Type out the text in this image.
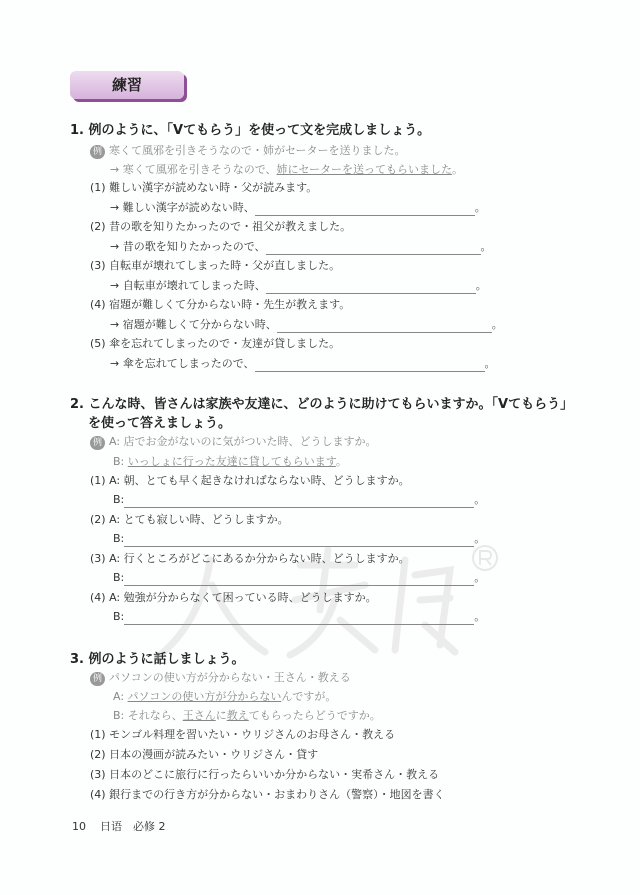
練習
1. 例のように、「Vてもらう」を使って文を完成しましょう。
例 寒くて風邪を引きそうなので・姉がセーターを送りました。
→ 寒くて風邪を引きそうなので、姉にセーターを送ってもらいました。
2. こんな時、皆さんは家族や友達に、どのように助けてもらいますか。「Vてもらう」
を使って答えましょう。
例 A: 店でお金がないのに気がついた時、どうしますか。
B: いっしょに行った友達に貸してもらいます。
3. 例のように話しましょう。
例 パソコンの使い方が分からない・王さん・教える
A: パソコンの使い方が分からないんですが。
B: それなら、王さんに教えてもらったらどうですか。
10 日语　必修 2
(1) 難しい漢字が読めない時・父が読みます。
→ 難しい漢字が読めない時、	。
(2) 昔の歌を知りたかったので・祖父が教えました。
→ 昔の歌を知りたかったので、	。
(3) 自転車が壊れてしまった時・父が直しました。
→ 自転車が壊れてしまった時、	。
(4) 宿題が難しくて分からない時・先生が教えます。
→ 宿題が難しくて分からない時、	。
(5) 傘を忘れてしまったので・友達が貸しました。
→ 傘を忘れてしまったので、	。
(1) A: 朝、とても早く起きなければならない時、どうしますか。
B:	。
(2) A: とても寂しい時、どうしますか。
B:	。
(3) A: 行くところがどこにあるか分からない時、どうしますか。
B:	。
(4) A: 勉強が分からなくて困っている時、どうしますか。
B:	。
(1) モンゴル料理を習いたい・ウリジさんのお母さん・教える
(2) 日本の漫画が読みたい・ウリジさん・貸す
(3) 日本のどこに旅行に行ったらいいか分からない・実希さん・教える
(4) 銀行までの行き方が分からない・おまわりさん（警察）・地図を書く
